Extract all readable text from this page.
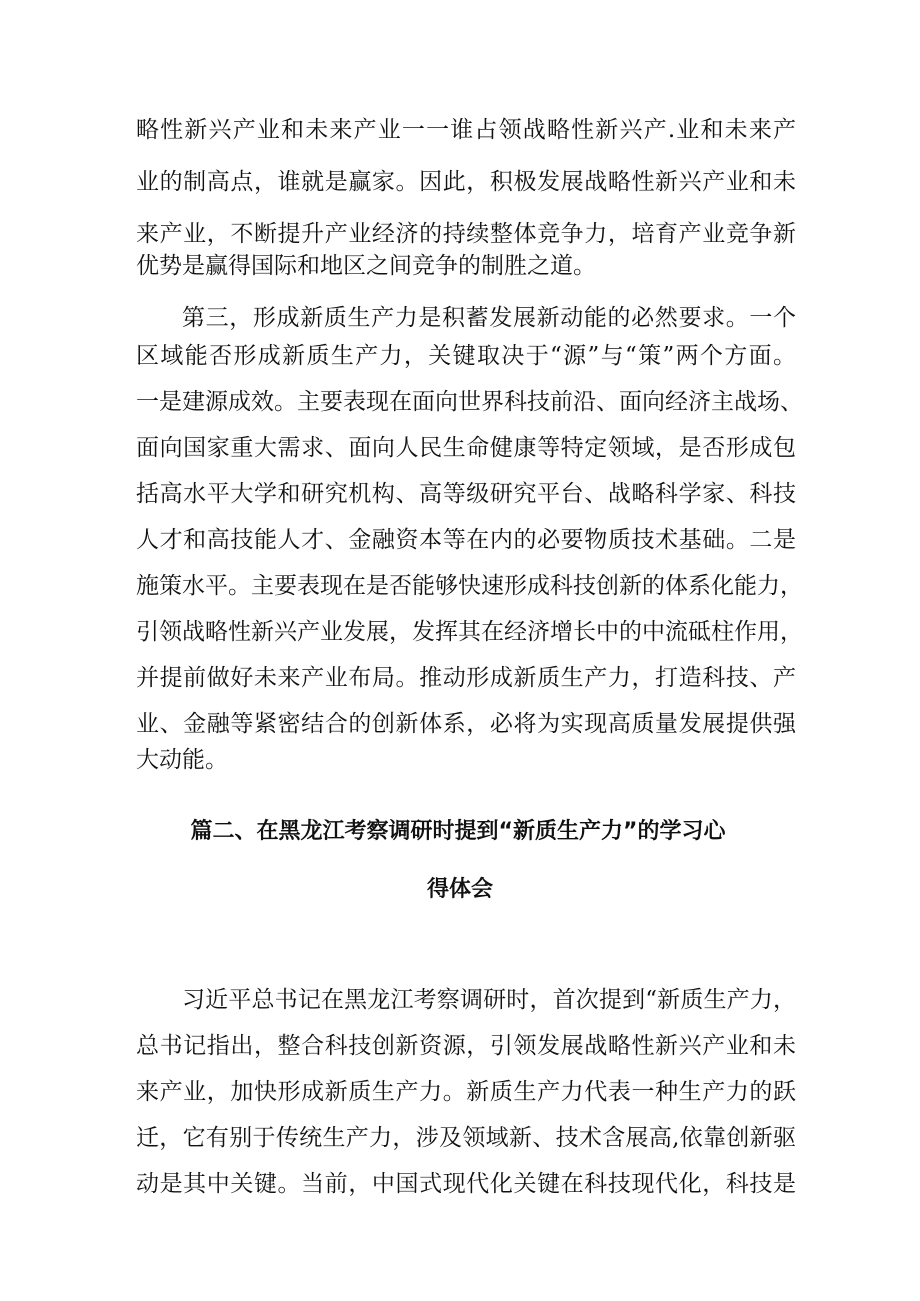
略性新兴产业和未来产业一一谁占领战略性新兴产.业和未来产
业的制高点，谁就是赢家。因此，积极发展战略性新兴产业和未
来产业，不断提升产业经济的持续整体竞争力，培育产业竞争新
优势是赢得国际和地区之间竞争的制胜之道。
第三，形成新质生产力是积蓄发展新动能的必然要求。一个
区域能否形成新质生产力，关键取决于“源”与“策”两个方面。
一是建源成效。主要表现在面向世界科技前沿、面向经济主战场、
面向国家重大需求、面向人民生命健康等特定领域，是否形成包
括高水平大学和研究机构、高等级研究平台、战略科学家、科技
人才和高技能人才、金融资本等在内的必要物质技术基础。二是
施策水平。主要表现在是否能够快速形成科技创新的体系化能力，
引领战略性新兴产业发展，发挥其在经济增长中的中流砥柱作用，
并提前做好未来产业布局。推动形成新质生产力，打造科技、产
业、金融等紧密结合的创新体系，必将为实现高质量发展提供强
大动能。
篇二、在黑龙江考察调研时提到“新质生产力”的学习心
得体会
习近平总书记在黑龙江考察调研时，首次提到“新质生产力，
总书记指出，整合科技创新资源，引领发展战略性新兴产业和未
来产业，加快形成新质生产力。新质生产力代表一种生产力的跃
迁，它有别于传统生产力，涉及领域新、技术含展高,依靠创新驱
动是其中关键。当前，中国式现代化关键在科技现代化，科技是
